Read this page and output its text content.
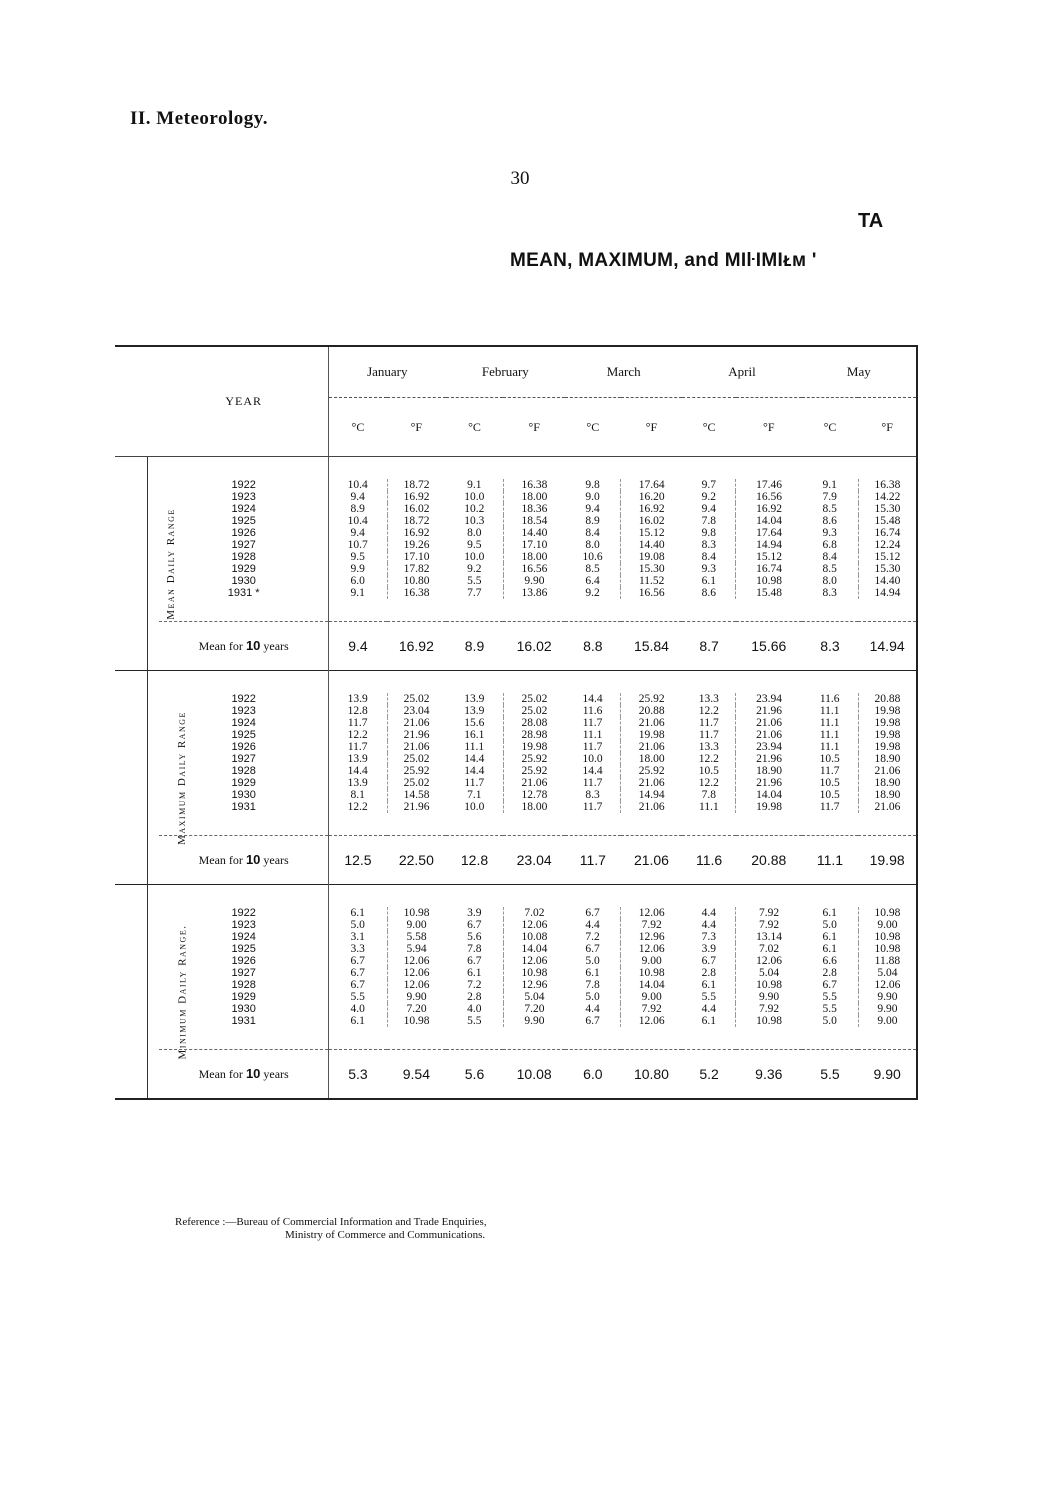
II. Meteorology.
30
TA
MEAN, MAXIMUM, and MI⁠ŀ⁠IMIᴌᴍ '
		YEAR	January		February		March		April		May	
			°C	°F	°C	°F	°C	°F	°C	°F	°C	°F
Mean Daily Range												
		1922	10.4	18.72	9.1	16.38	9.8	17.64	9.7	17.46	9.1	16.38
		1923	9.4	16.92	10.0	18.00	9.0	16.20	9.2	16.56	7.9	14.22
		1924	8.9	16.02	10.2	18.36	9.4	16.92	9.4	16.92	8.5	15.30
		1925	10.4	18.72	10.3	18.54	8.9	16.02	7.8	14.04	8.6	15.48
		1926	9.4	16.92	8.0	14.40	8.4	15.12	9.8	17.64	9.3	16.74
		1927	10.7	19.26	9.5	17.10	8.0	14.40	8.3	14.94	6.8	12.24
		1928	9.5	17.10	10.0	18.00	10.6	19.08	8.4	15.12	8.4	15.12
		1929	9.9	17.82	9.2	16.56	8.5	15.30	9.3	16.74	8.5	15.30
		1930	6.0	10.80	5.5	9.90	6.4	11.52	6.1	10.98	8.0	14.40
		1931 *	9.1	16.38	7.7	13.86	9.2	16.56	8.6	15.48	8.3	14.94

		Mean for 10 years	9.4	16.92	8.9	16.02	8.8	15.84	8.7	15.66	8.3	14.94
Maximum Daily Range												
		1922	13.9	25.02	13.9	25.02	14.4	25.92	13.3	23.94	11.6	20.88
		1923	12.8	23.04	13.9	25.02	11.6	20.88	12.2	21.96	11.1	19.98
		1924	11.7	21.06	15.6	28.08	11.7	21.06	11.7	21.06	11.1	19.98
		1925	12.2	21.96	16.1	28.98	11.1	19.98	11.7	21.06	11.1	19.98
		1926	11.7	21.06	11.1	19.98	11.7	21.06	13.3	23.94	11.1	19.98
		1927	13.9	25.02	14.4	25.92	10.0	18.00	12.2	21.96	10.5	18.90
		1928	14.4	25.92	14.4	25.92	14.4	25.92	10.5	18.90	11.7	21.06
		1929	13.9	25.02	11.7	21.06	11.7	21.06	12.2	21.96	10.5	18.90
		1930	8.1	14.58	7.1	12.78	8.3	14.94	7.8	14.04	10.5	18.90
		1931	12.2	21.96	10.0	18.00	11.7	21.06	11.1	19.98	11.7	21.06

		Mean for 10 years	12.5	22.50	12.8	23.04	11.7	21.06	11.6	20.88	11.1	19.98
Minimum Daily Range.												
		1922	6.1	10.98	3.9	7.02	6.7	12.06	4.4	7.92	6.1	10.98
		1923	5.0	9.00	6.7	12.06	4.4	7.92	4.4	7.92	5.0	9.00
		1924	3.1	5.58	5.6	10.08	7.2	12.96	7.3	13.14	6.1	10.98
		1925	3.3	5.94	7.8	14.04	6.7	12.06	3.9	7.02	6.1	10.98
		1926	6.7	12.06	6.7	12.06	5.0	9.00	6.7	12.06	6.6	11.88
		1927	6.7	12.06	6.1	10.98	6.1	10.98	2.8	5.04	2.8	5.04
		1928	6.7	12.06	7.2	12.96	7.8	14.04	6.1	10.98	6.7	12.06
		1929	5.5	9.90	2.8	5.04	5.0	9.00	5.5	9.90	5.5	9.90
		1930	4.0	7.20	4.0	7.20	4.4	7.92	4.4	7.92	5.5	9.90
		1931	6.1	10.98	5.5	9.90	6.7	12.06	6.1	10.98	5.0	9.00

		Mean for 10 years	5.3	9.54	5.6	10.08	6.0	10.80	5.2	9.36	5.5	9.90
Reference :—Bureau of Commercial Information and Trade Enquiries,
Ministry of Commerce and Communications.
